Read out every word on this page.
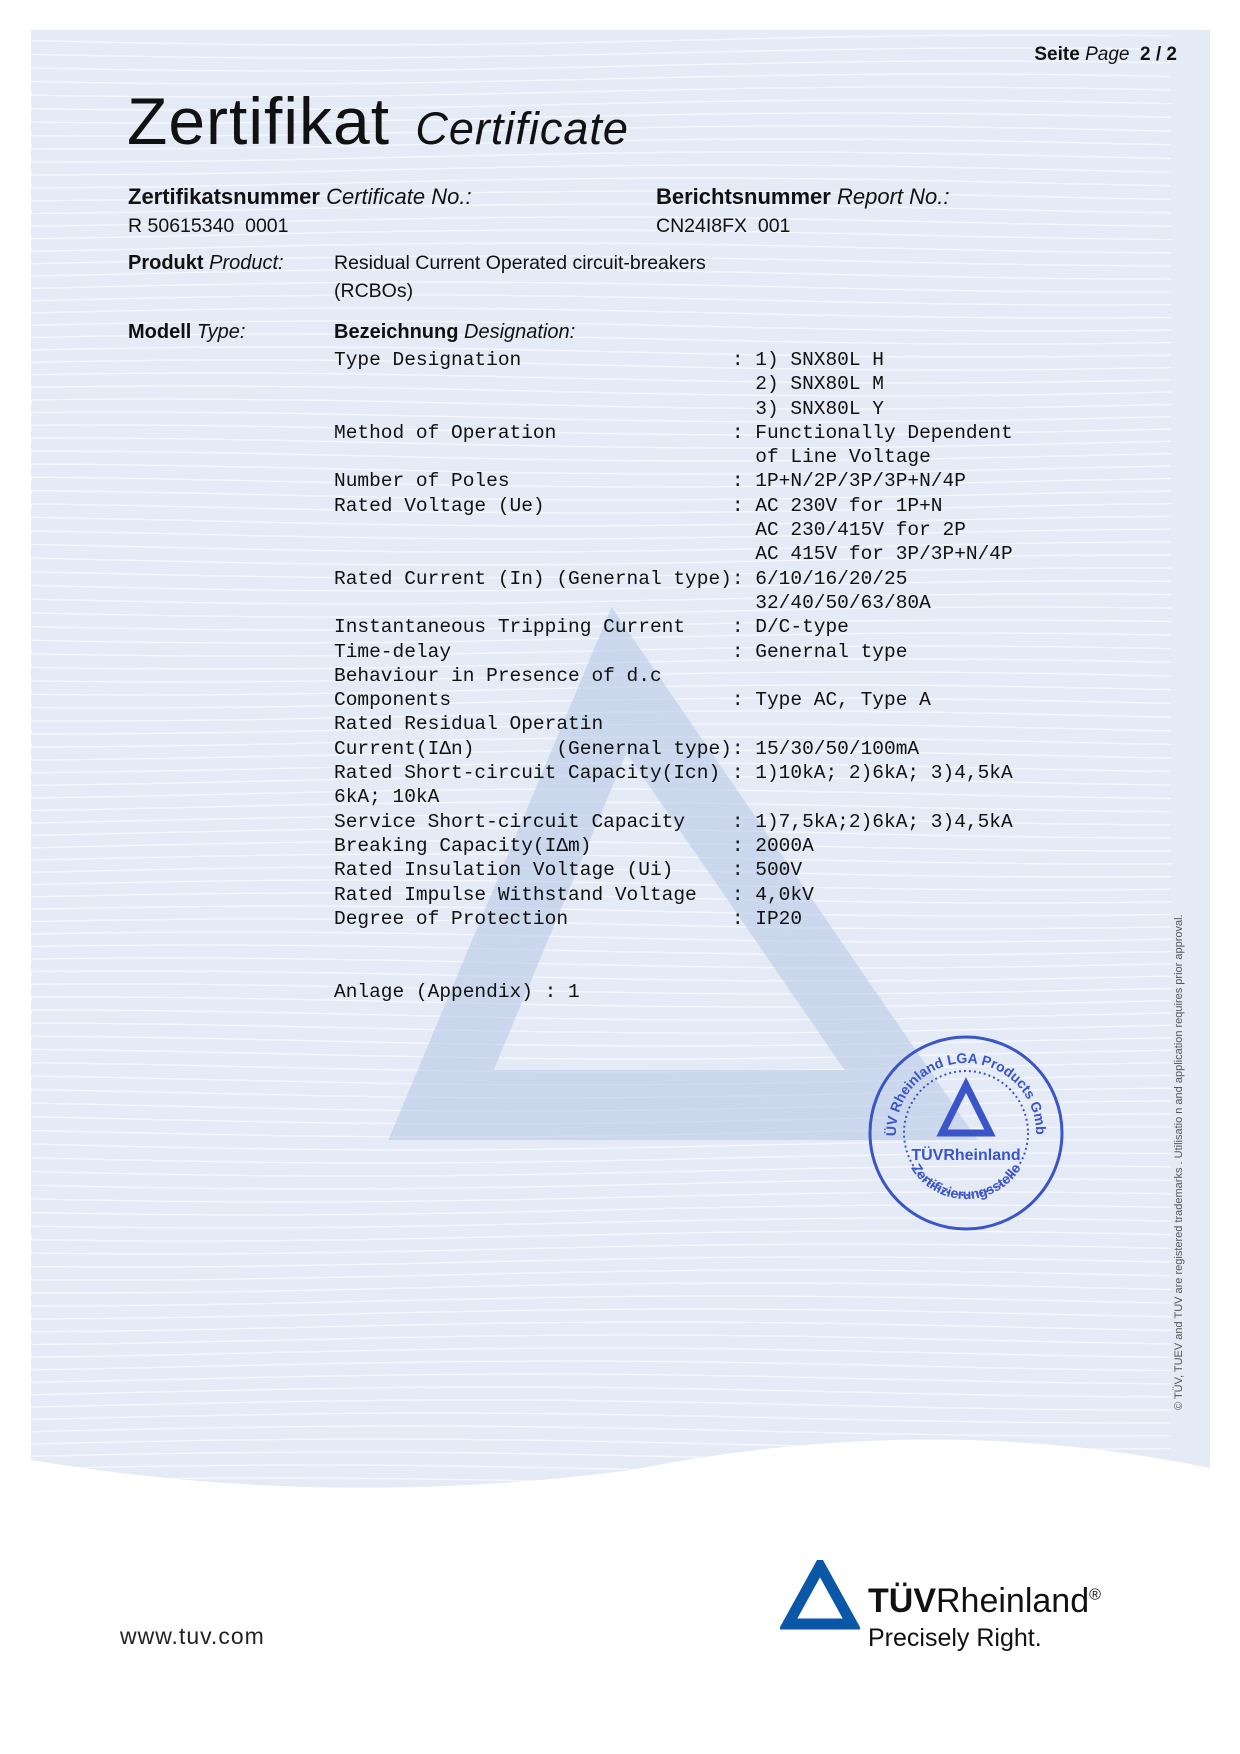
Seite Page 2 / 2
Zertifikat Certificate
Zertifikatsnummer Certificate No.:
R 50615340  0001
Berichtsnummer Report No.:
CN24I8FX  001
Produkt Product:	Residual Current Operated circuit-breakers
(RCBOs)
Modell Type:	Bezeichnung Designation:
Type Designation                  : 1) SNX80L H
2) SNX80L M
3) SNX80L Y
Method of Operation               : Functionally Dependent
of Line Voltage
Number of Poles                   : 1P+N/2P/3P/3P+N/4P
Rated Voltage (Ue)                : AC 230V for 1P+N
AC 230/415V for 2P
AC 415V for 3P/3P+N/4P
Rated Current (In) (Genernal type): 6/10/16/20/25
32/40/50/63/80A
Instantaneous Tripping Current    : D/C-type
Time-delay                        : Genernal type
Behaviour in Presence of d.c
Components                        : Type AC, Type A
Rated Residual Operatin
Current(IΔn)       (Genernal type): 15/30/50/100mA
Rated Short-circuit Capacity(Icn) : 1)10kA; 2)6kA; 3)4,5kA
6kA; 10kA
Service Short-circuit Capacity    : 1)7,5kA;2)6kA; 3)4,5kA
Breaking Capacity(IΔm)            : 2000A
Rated Insulation Voltage (Ui)     : 500V
Rated Impulse Withstand Voltage   : 4,0kV
Degree of Protection              : IP20
Anlage (Appendix) : 1	© TÜV, TUEV and TUV are registered trademarks . Utilisatio n and application requires prior approval.
ÜV Rheinland LGA Products Gmb
Zertifizierungsstelle
TÜVRheinland
www.tuv.com
TÜVRheinland®
Precisely Right.
